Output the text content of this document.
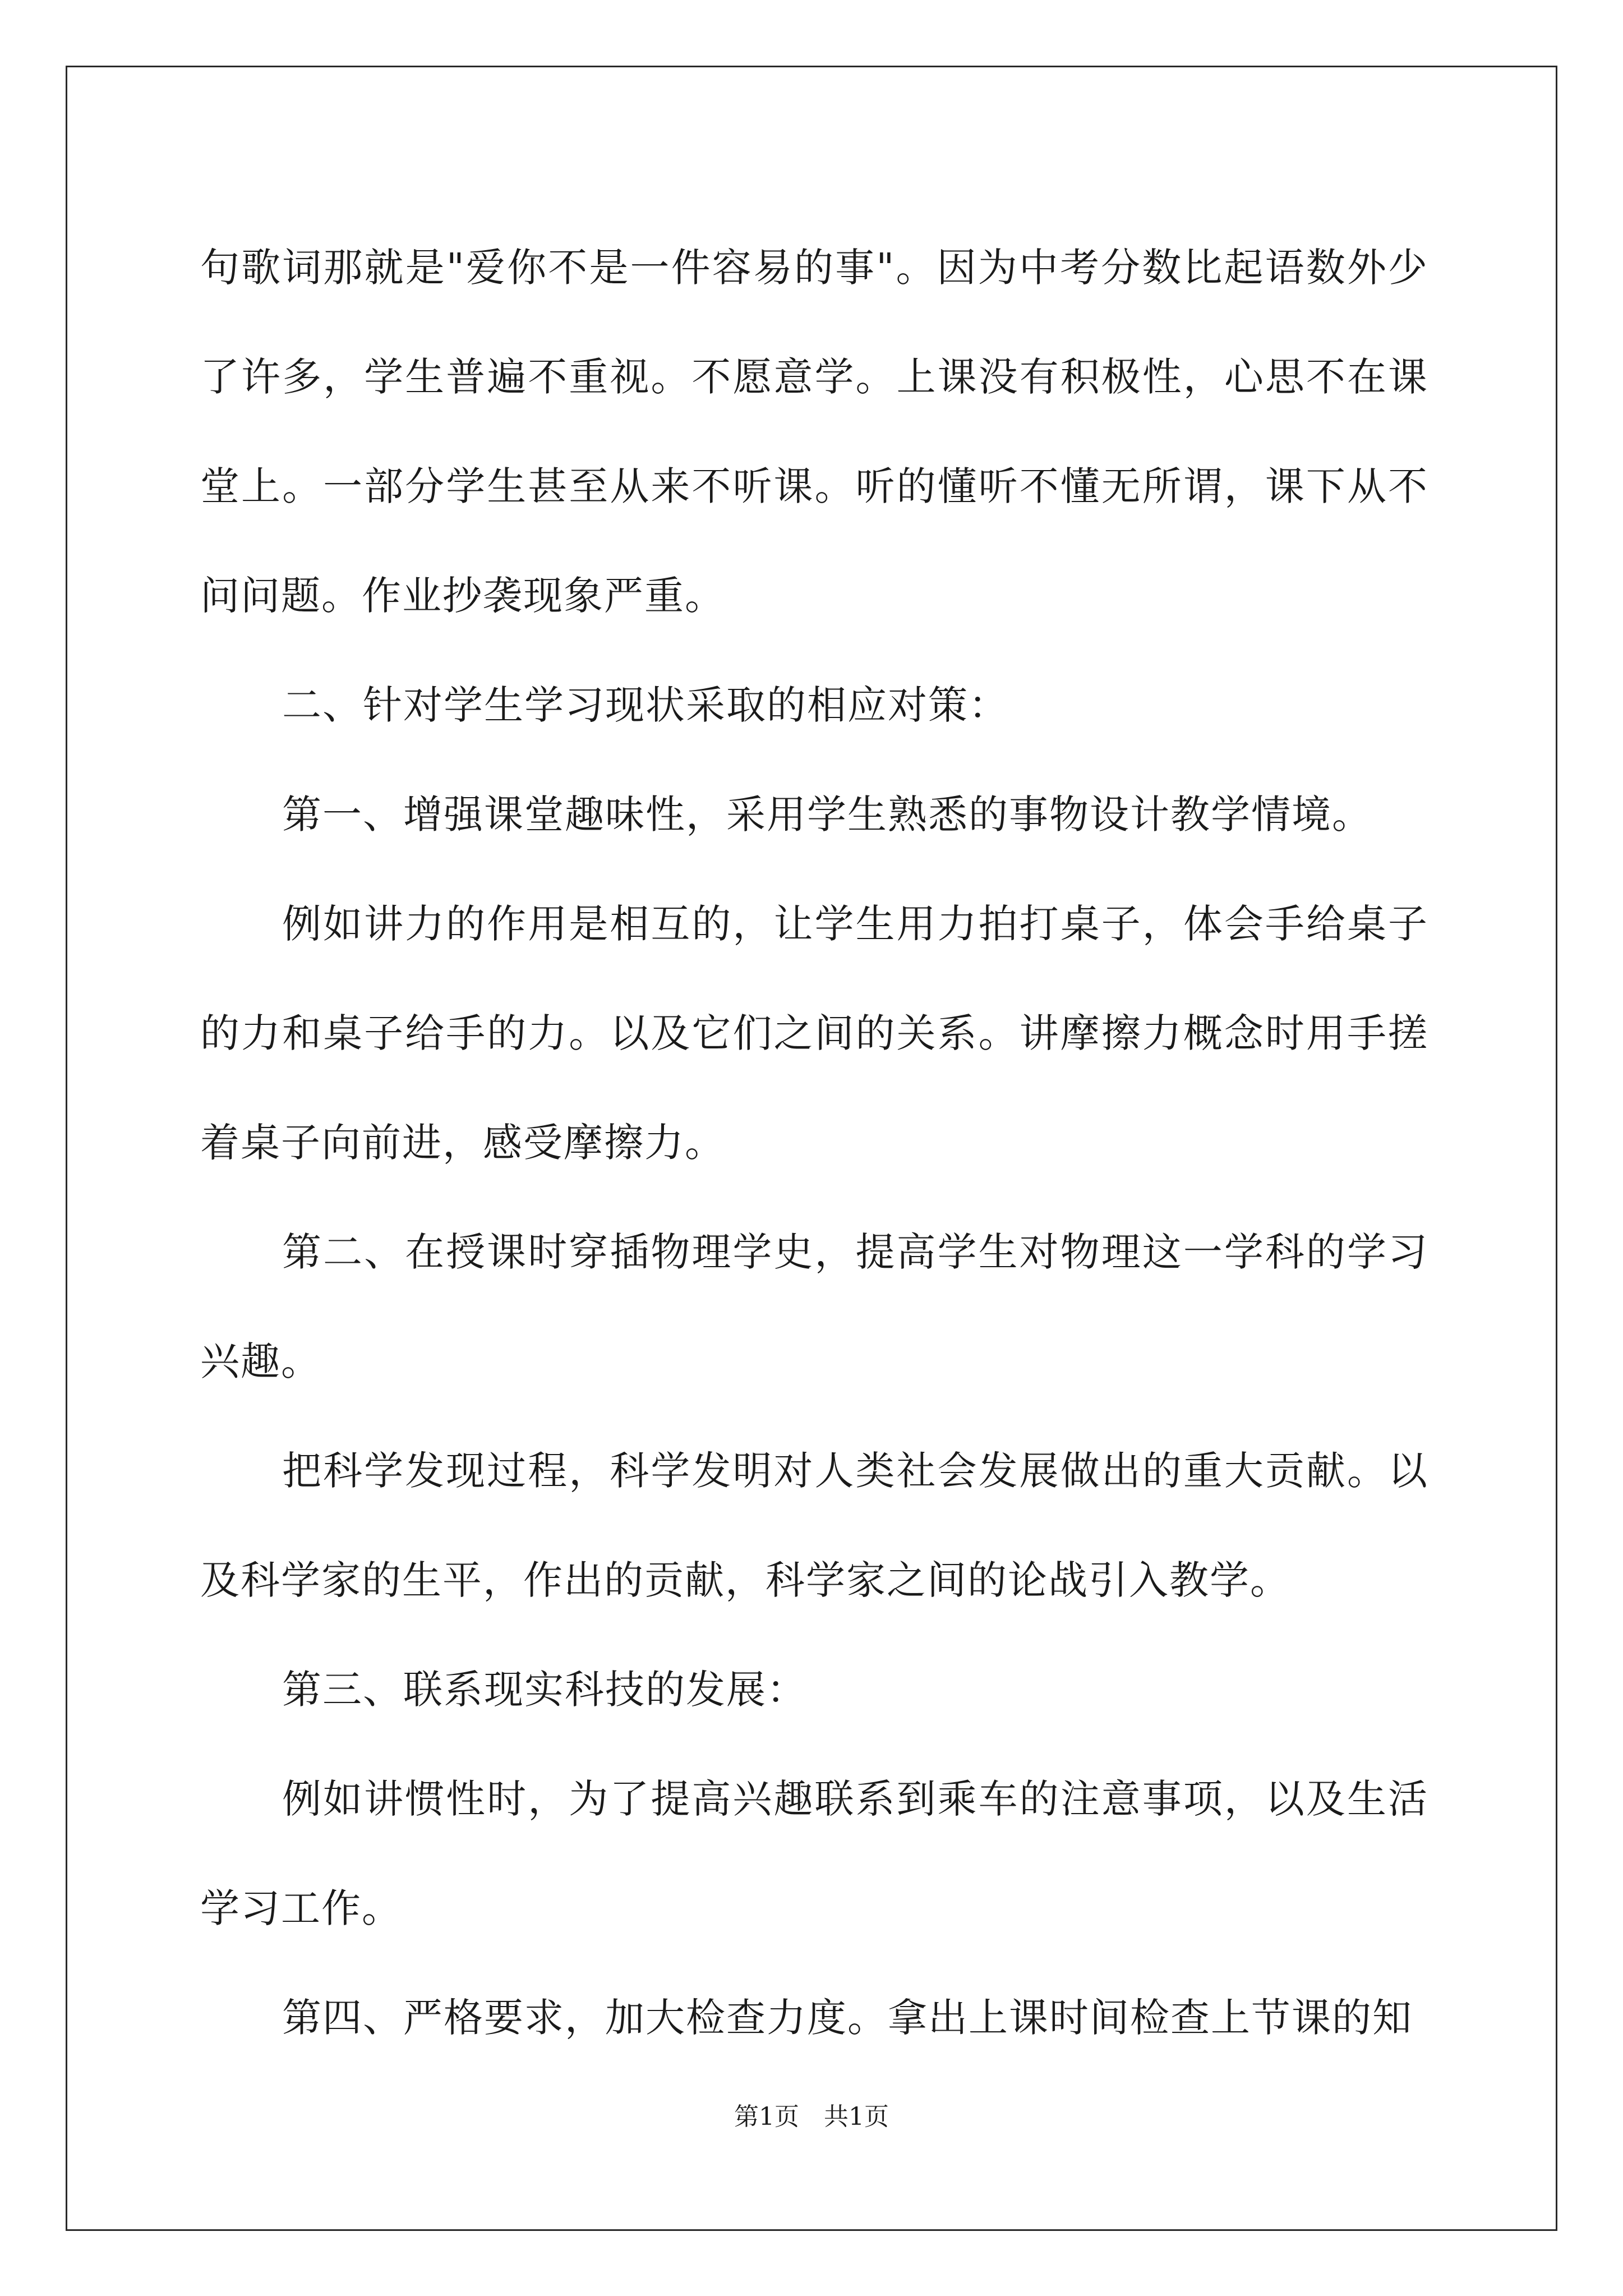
句歌词那就是"爱你不是一件容易的事"。因为中考分数比起语数外少了许多，学生普遍不重视。不愿意学。上课没有积极性，心思不在课堂上。一部分学生甚至从来不听课。听的懂听不懂无所谓，课下从不问问题。作业抄袭现象严重。

二、针对学生学习现状采取的相应对策：

第一、增强课堂趣味性，采用学生熟悉的事物设计教学情境。

例如讲力的作用是相互的，让学生用力拍打桌子，体会手给桌子的力和桌子给手的力。以及它们之间的关系。讲摩擦力概念时用手搓着桌子向前进，感受摩擦力。

第二、在授课时穿插物理学史，提高学生对物理这一学科的学习兴趣。

把科学发现过程，科学发明对人类社会发展做出的重大贡献。以及科学家的生平，作出的贡献，科学家之间的论战引入教学。

第三、联系现实科技的发展：

例如讲惯性时，为了提高兴趣联系到乘车的注意事项，以及生活学习工作。

第四、严格要求，加大检查力度。拿出上课时间检查上节课的知

第1页　共1页
